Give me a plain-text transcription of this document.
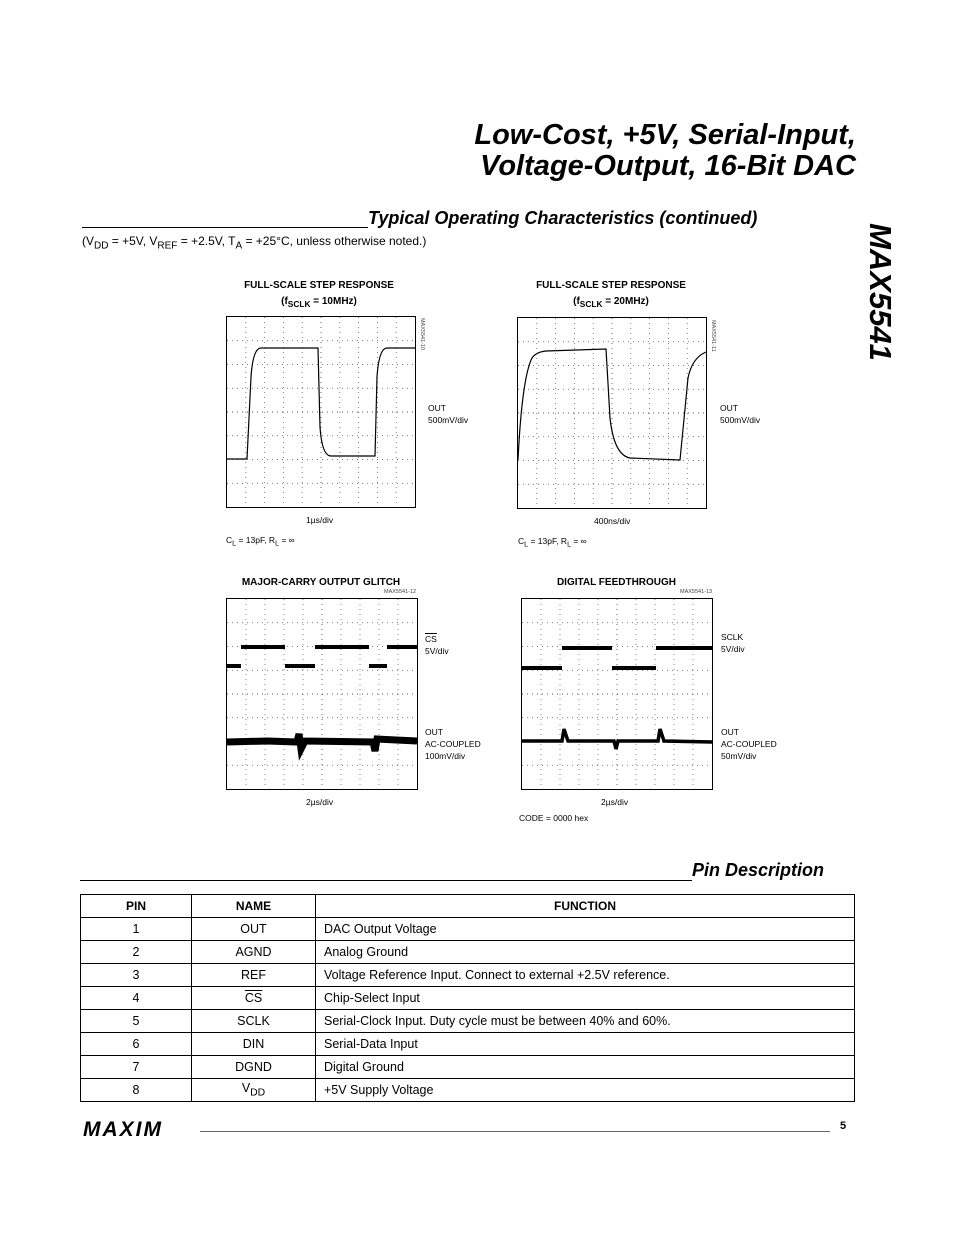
Low-Cost, +5V, Serial-Input,
Voltage-Output, 16-Bit DAC
MAX5541
Typical Operating Characteristics (continued)
($V_{DD} = +5V$, $V_{REF} = +2.5V$, $T_A = +25^\circ C$, unless otherwise noted.)
FULL-SCALE STEP RESPONSE
$(f_{SCLK} = 10MHz)$
MAX5541-10
OUT
500mV/div
1µs/div
$C_L = 13pF$, $R_L$ = ∞
FULL-SCALE STEP RESPONSE
$(f_{SCLK} = 20MHz)$
MAX5541-11
OUT
500mV/div
400ns/div
$C_L = 13pF$, $R_L$ = ∞
MAJOR-CARRY OUTPUT GLITCH
MAX5541-12
$\overline{CS}$
5V/div
OUT
AC-COUPLED
100mV/div
2µs/div
DIGITAL FEEDTHROUGH
MAX5541-13
SCLK
5V/div
OUT
AC-COUPLED
50mV/div
2µs/div
CODE = 0000 hex
Pin Description
PIN	NAME	FUNCTION
1	OUT	DAC Output Voltage
2	AGND	Analog Ground
3	REF	Voltage Reference Input. Connect to external +2.5V reference.
4	$\overline{CS}$	Chip-Select Input
5	SCLK	Serial-Clock Input. Duty cycle must be between 40% and 60%.
6	DIN	Serial-Data Input
7	DGND	Digital Ground
8	$V_{DD}$	+5V Supply Voltage
MAXIM	5
